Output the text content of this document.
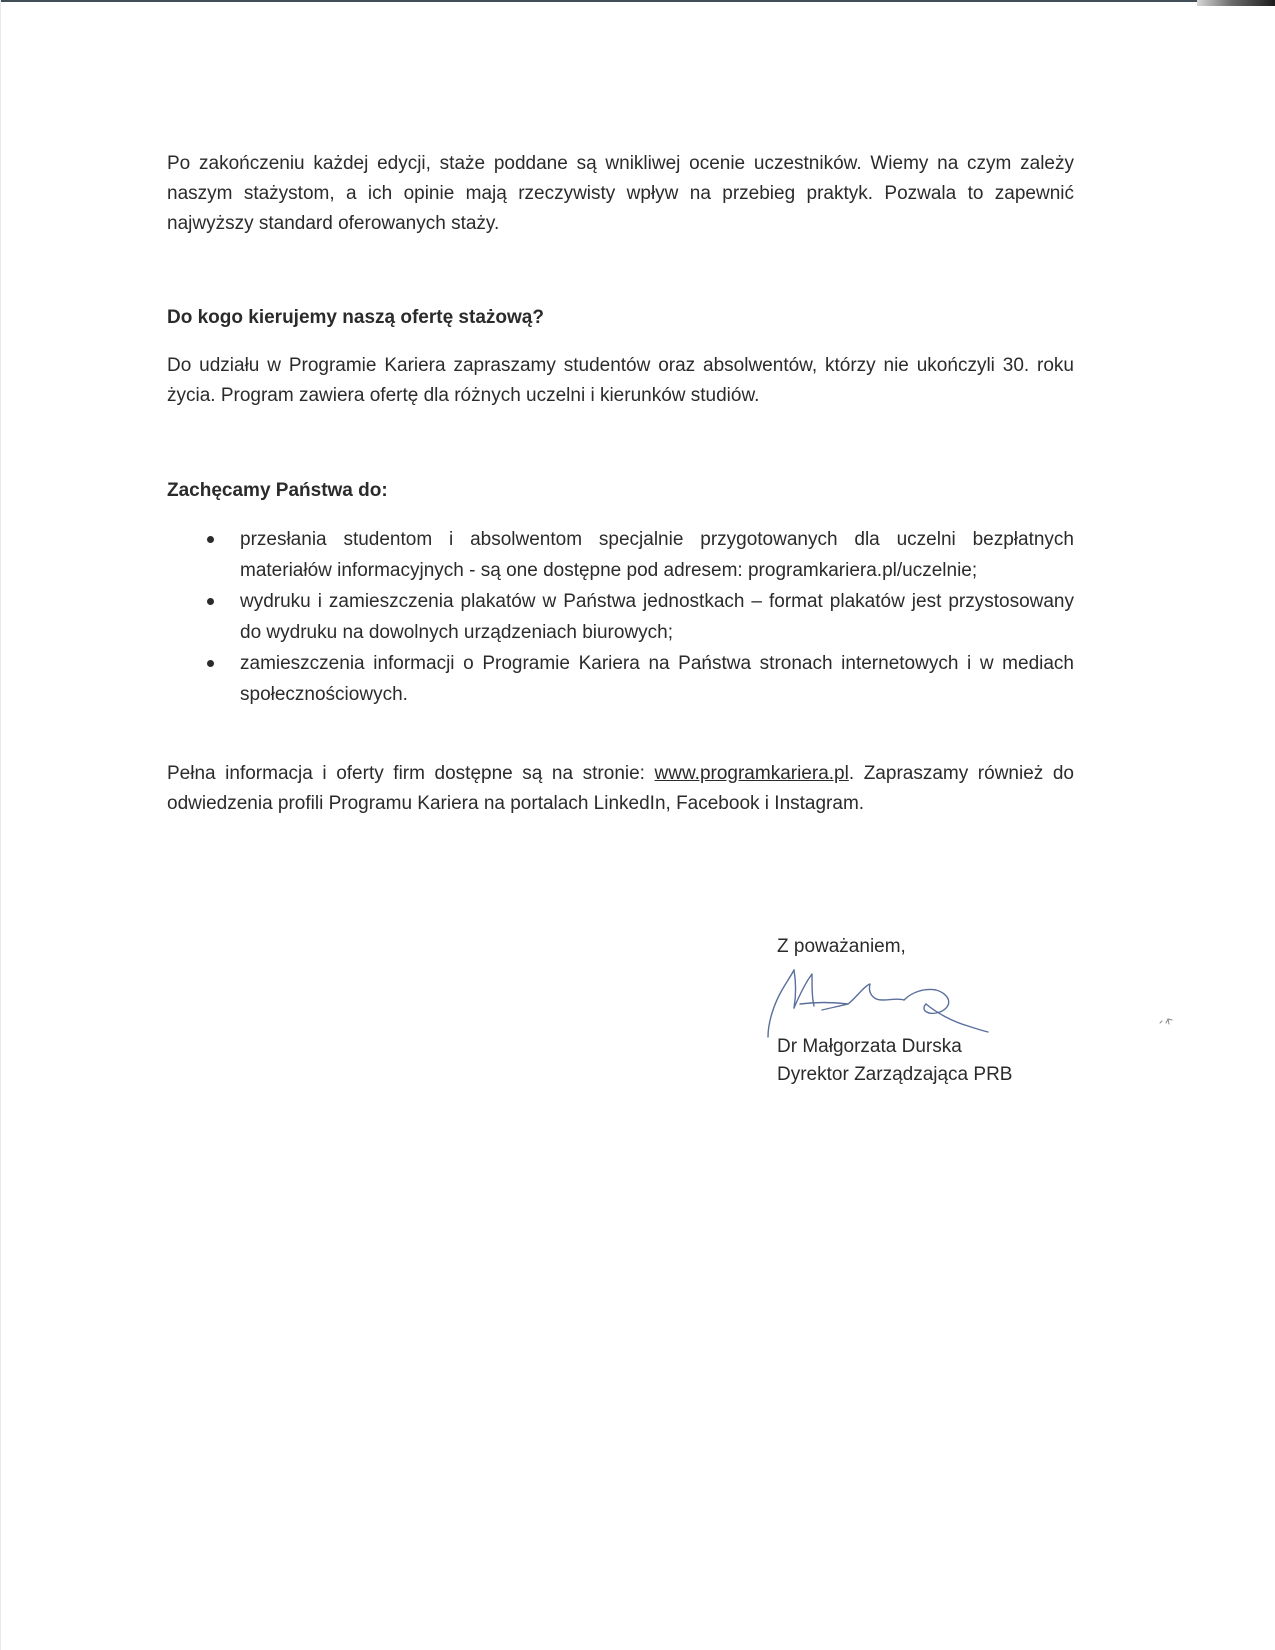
Po zakończeniu każdej edycji, staże poddane są wnikliwej ocenie uczestników. Wiemy na czym zależy naszym stażystom, a ich opinie mają rzeczywisty wpływ na przebieg praktyk. Pozwala to zapewnić najwyższy standard oferowanych staży.

Do kogo kierujemy naszą ofertę stażową?

Do udziału w Programie Kariera zapraszamy studentów oraz absolwentów, którzy nie ukończyli 30. roku życia. Program zawiera ofertę dla różnych uczelni i kierunków studiów.

Zachęcamy Państwa do:

przesłania studentom i absolwentom specjalnie przygotowanych dla uczelni bezpłatnych materiałów informacyjnych - są one dostępne pod adresem: programkariera.pl/uczelnie;
wydruku i zamieszczenia plakatów w Państwa jednostkach – format plakatów jest przystosowany do wydruku na dowolnych urządzeniach biurowych;
zamieszczenia informacji o Programie Kariera na Państwa stronach internetowych i w mediach społecznościowych.

Pełna informacja i oferty firm dostępne są na stronie: www.programkariera.pl. Zapraszamy również do odwiedzenia profili Programu Kariera na portalach LinkedIn, Facebook i Instagram.

Z poważaniem,

Dr Małgorzata Durska
Dyrektor Zarządzająca PRB
